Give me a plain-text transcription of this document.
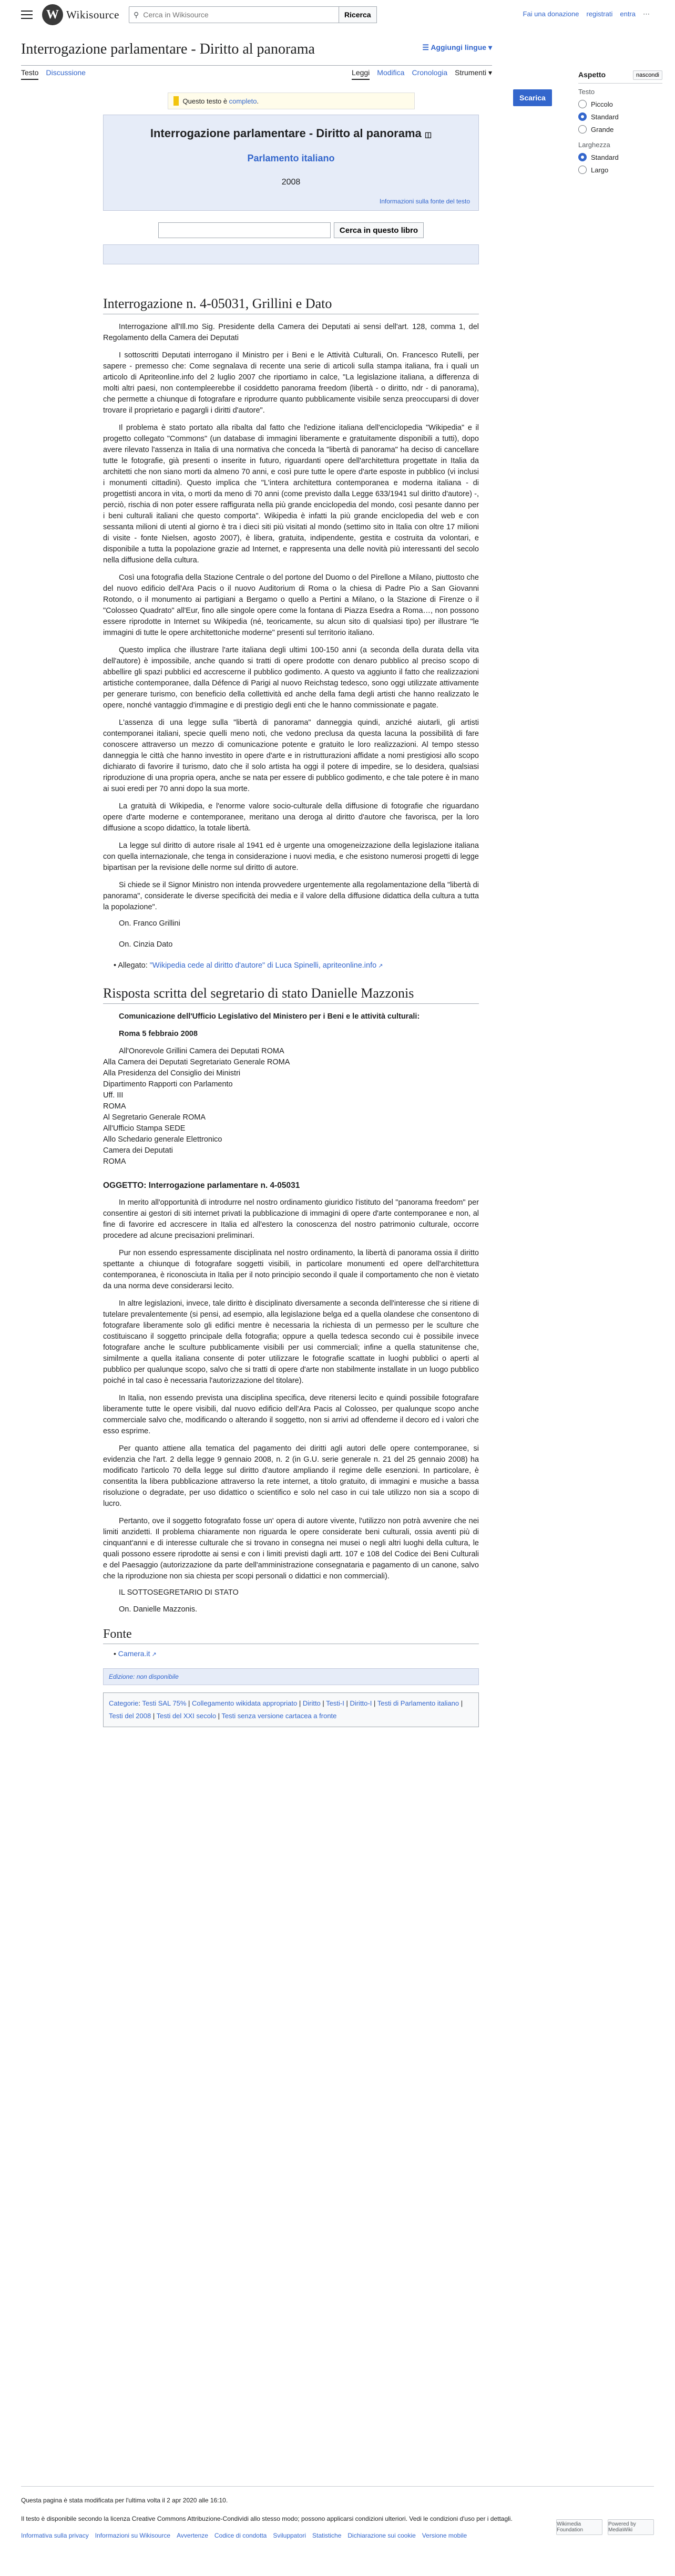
W Wikisource ⚲
Cerca in Wikisource	Ricerca	Fai una donazione registrati entra ⋯
Interrogazione parlamentare - Diritto al panorama	☰ Aggiungi lingue ▾
Testo Discussione	Leggi Modifica Cronologia Strumenti ▾	Aspetto	nascondi
Testo
Piccolo
Standard
Grande
Larghezza
Standard
Largo
Scarica
Questo testo è completo.
Interrogazione parlamentare - Diritto al panorama ◫
Parlamento italiano
2008
Informazioni sulla fonte del testo
Cerca in questo libro
Interrogazione n. 4-05031, Grillini e Dato

Interrogazione all'Ill.mo Sig. Presidente della Camera dei Deputati ai sensi dell'art. 128, comma 1, del Regolamento della Camera dei Deputati

I sottoscritti Deputati interrogano il Ministro per i Beni e le Attività Culturali, On. Francesco Rutelli, per sapere - premesso che: Come segnalava di recente una serie di articoli sulla stampa italiana, fra i quali un articolo di Apriteonline.info del 2 luglio 2007 che riportiamo in calce, "La legislazione italiana, a differenza di molti altri paesi, non contempleerebbe il cosiddetto panorama freedom (libertà - o diritto, ndr - di panorama), che permette a chiunque di fotografare e riprodurre quanto pubblicamente visibile senza preoccuparsi di dover trovare il proprietario e pagargli i diritti d'autore".

Il problema è stato portato alla ribalta dal fatto che l'edizione italiana dell'enciclopedia "Wikipedia" e il progetto collegato "Commons" (un database di immagini liberamente e gratuitamente disponibili a tutti), dopo avere rilevato l'assenza in Italia di una normativa che conceda la "libertà di panorama" ha deciso di cancellare tutte le fotografie, già presenti o inserite in futuro, riguardanti opere dell'architettura progettate in Italia da architetti che non siano morti da almeno 70 anni, e così pure tutte le opere d'arte esposte in pubblico (vi inclusi i monumenti cittadini). Questo implica che "L'intera architettura contemporanea e moderna italiana - di progettisti ancora in vita, o morti da meno di 70 anni (come previsto dalla Legge 633/1941 sul diritto d'autore) -, perciò, rischia di non poter essere raffigurata nella più grande enciclopedia del mondo, così pesante danno per i beni culturali italiani che questo comporta". Wikipedia è infatti la più grande enciclopedia del web e con sessanta milioni di utenti al giorno è tra i dieci siti più visitati al mondo (settimo sito in Italia con oltre 17 milioni di visite - fonte Nielsen, agosto 2007), è libera, gratuita, indipendente, gestita e costruita da volontari, e disponibile a tutta la popolazione grazie ad Internet, e rappresenta una delle novità più interessanti del secolo nella diffusione della cultura.

Così una fotografia della Stazione Centrale o del portone del Duomo o del Pirellone a Milano, piuttosto che del nuovo edificio dell'Ara Pacis o il nuovo Auditorium di Roma o la chiesa di Padre Pio a San Giovanni Rotondo, o il monumento ai partigiani a Bergamo o quello a Pertini a Milano, o la Stazione di Firenze o il "Colosseo Quadrato" all'Eur, fino alle singole opere come la fontana di Piazza Esedra a Roma…, non possono essere riprodotte in Internet su Wikipedia (né, teoricamente, su alcun sito di qualsiasi tipo) per illustrare "le immagini di tutte le opere architettoniche moderne" presenti sul territorio italiano.

Questo implica che illustrare l'arte italiana degli ultimi 100-150 anni (a seconda della durata della vita dell'autore) è impossibile, anche quando si tratti di opere prodotte con denaro pubblico al preciso scopo di abbellire gli spazi pubblici ed accrescerne il pubblico godimento. A questo va aggiunto il fatto che realizzazioni artistiche contemporanee, dalla Défence di Parigi al nuovo Reichstag tedesco, sono oggi utilizzate attivamente per generare turismo, con beneficio della collettività ed anche della fama degli artisti che hanno realizzato le opere, nonché vantaggio d'immagine e di prestigio degli enti che le hanno commissionate e pagate.

L'assenza di una legge sulla "libertà di panorama" danneggia quindi, anziché aiutarli, gli artisti contemporanei italiani, specie quelli meno noti, che vedono preclusa da questa lacuna la possibilità di fare conoscere attraverso un mezzo di comunicazione potente e gratuito le loro realizzazioni. Al tempo stesso danneggia le città che hanno investito in opere d'arte e in ristrutturazioni affidate a nomi prestigiosi allo scopo dichiarato di favorire il turismo, dato che il solo artista ha oggi il potere di impedire, se lo desidera, qualsiasi riproduzione di una propria opera, anche se nata per essere di pubblico godimento, e che tale potere è in mano ai suoi eredi per 70 anni dopo la sua morte.

La gratuità di Wikipedia, e l'enorme valore socio-culturale della diffusione di fotografie che riguardano opere d'arte moderne e contemporanee, meritano una deroga al diritto d'autore che favorisca, per la loro diffusione a scopo didattico, la totale libertà.

La legge sul diritto di autore risale al 1941 ed è urgente una omogeneizzazione della legislazione italiana con quella internazionale, che tenga in considerazione i nuovi media, e che esistono numerosi progetti di legge bipartisan per la revisione delle norme sul diritto di autore.

Si chiede se il Signor Ministro non intenda provvedere urgentemente alla regolamentazione della "libertà di panorama", considerate le diverse specificità dei media e il valore della diffusione didattica della cultura a tutta la popolazione".

On. Franco Grillini
On. Cinzia Dato
• Allegato: "Wikipedia cede al diritto d'autore" di Luca Spinelli, apriteonline.info ↗
Risposta scritta del segretario di stato Danielle Mazzonis
Comunicazione dell'Ufficio Legislativo del Ministero per i Beni e le attività culturali:
Roma 5 febbraio 2008
All'Onorevole Grillini Camera dei Deputati ROMA
Alla Camera dei Deputati Segretariato Generale ROMA
Alla Presidenza del Consiglio dei Ministri
Dipartimento Rapporti con Parlamento
Uff. III
ROMA
Al Segretario Generale ROMA
All'Ufficio Stampa SEDE
Allo Schedario generale Elettronico
Camera dei Deputati
ROMA
OGGETTO: Interrogazione parlamentare n. 4-05031

In merito all'opportunità di introdurre nel nostro ordinamento giuridico l'istituto del "panorama freedom" per consentire ai gestori di siti internet privati la pubblicazione di immagini di opere d'arte contemporanee e non, al fine di favorire ed accrescere in Italia ed all'estero la conoscenza del nostro patrimonio culturale, occorre procedere ad alcune precisazioni preliminari.

Pur non essendo espressamente disciplinata nel nostro ordinamento, la libertà di panorama ossia il diritto spettante a chiunque di fotografare soggetti visibili, in particolare monumenti ed opere dell'architettura contemporanea, è riconosciuta in Italia per il noto principio secondo il quale il comportamento che non è vietato da una norma deve considerarsi lecito.

In altre legislazioni, invece, tale diritto è disciplinato diversamente a seconda dell'interesse che si ritiene di tutelare prevalentemente (si pensi, ad esempio, alla legislazione belga ed a quella olandese che consentono di fotografare liberamente solo gli edifici mentre è necessaria la richiesta di un permesso per le sculture che costituiscano il soggetto principale della fotografia; oppure a quella tedesca secondo cui è possibile invece fotografare anche le sculture pubblicamente visibili per usi commerciali; infine a quella statunitense che, similmente a quella italiana consente di poter utilizzare le fotografie scattate in luoghi pubblici o aperti al pubblico per qualunque scopo, salvo che si tratti di opere d'arte non stabilmente installate in un luogo pubblico poiché in tal caso è necessaria l'autorizzazione del titolare).

In Italia, non essendo prevista una disciplina specifica, deve ritenersi lecito e quindi possibile fotografare liberamente tutte le opere visibili, dal nuovo edificio dell'Ara Pacis al Colosseo, per qualunque scopo anche commerciale salvo che, modificando o alterando il soggetto, non si arrivi ad offenderne il decoro ed i valori che esso esprime.

Per quanto attiene alla tematica del pagamento dei diritti agli autori delle opere contemporanee, si evidenzia che l'art. 2 della legge 9 gennaio 2008, n. 2 (in G.U. serie generale n. 21 del 25 gennaio 2008) ha modificato l'articolo 70 della legge sul diritto d'autore ampliando il regime delle esenzioni. In particolare, è consentita la libera pubblicazione attraverso la rete internet, a titolo gratuito, di immagini e musiche a bassa risoluzione o degradate, per uso didattico o scientifico e solo nel caso in cui tale utilizzo non sia a scopo di lucro.

Pertanto, ove il soggetto fotografato fosse un' opera di autore vivente, l'utilizzo non potrà avvenire che nei limiti anzidetti. Il problema chiaramente non riguarda le opere considerate beni culturali, ossia aventi più di cinquant'anni e di interesse culturale che si trovano in consegna nei musei o negli altri luoghi della cultura, le quali possono essere riprodotte ai sensi e con i limiti previsti dagli artt. 107 e 108 del Codice dei Beni Culturali e del Paesaggio (autorizzazione da parte dell'amministrazione consegnataria e pagamento di un canone, salvo che la riproduzione non sia chiesta per scopi personali o didattici e non commerciali).

IL SOTTOSEGRETARIO DI STATO
On. Danielle Mazzonis.
Fonte
• Camera.it ↗
Edizione: non disponibile
Categorie: Testi SAL 75% | Collegamento wikidata appropriato | Diritto | Testi-I | Diritto-I | Testi di Parlamento italiano | Testi del 2008 | Testi del XXI secolo | Testi senza versione cartacea a fronte

Questa pagina è stata modificata per l'ultima volta il 2 apr 2020 alle 16:10.

Il testo è disponibile secondo la licenza Creative Commons Attribuzione-Condividi allo stesso modo; possono applicarsi condizioni ulteriori. Vedi le condizioni d'uso per i dettagli.

Informativa sulla privacy Informazioni su Wikisource Avvertenze Codice di condotta Sviluppatori Statistiche Dichiarazione sui cookie Versione mobile
Wikimedia Foundation
Powered by MediaWiki
